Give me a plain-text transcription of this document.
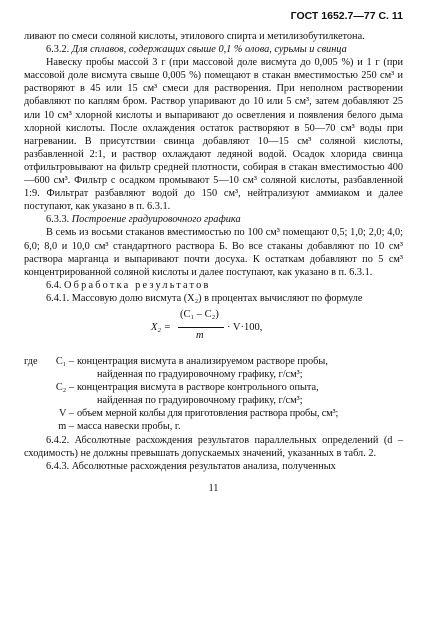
ГОСТ 1652.7—77 С. 11

ливают по смеси соляной кислоты, этилового спирта и метилизобутилкетона.

6.3.2. Для сплавов, содержащих свыше 0,1 % олова, сурьмы и свинца

Навеску пробы массой 3 г (при массовой доле висмута до 0,005 %) и 1 г (при массовой доле висмута свыше 0,005 %) помещают в стакан вместимостью 250 см³ и растворяют в 45 или 15 см³ смеси для растворения. При неполном растворении добавляют по каплям бром. Раствор упаривают до 10 или 5 см³, затем добавляют 25 или 10 см³ хлорной кислоты и выпаривают до осветления и появления белого дыма хлорной кислоты. После охлаждения остаток растворяют в 50—70 см³ воды при нагревании. В присутствии свинца добавляют 10—15 см³ соляной кислоты, разбавленной 2:1, и раствор охлаждают ледяной водой. Осадок хлорида свинца отфильтровывают на фильтр средней плотности, собирая в стакан вместимостью 400—600 см³. Фильтр с осадком промывают 5—10 см³ соляной кислоты, разбавленной 1:9. Фильтрат разбавляют водой до 150 см³, нейтрализуют аммиаком и далее поступают, как указано в п. 6.3.1.

6.3.3. Построение градуировочного графика

В семь из восьми стаканов вместимостью по 100 см³ помещают 0,5; 1,0; 2,0; 4,0; 6,0; 8,0 и 10,0 см³ стандартного раствора Б. Во все стаканы добавляют по 10 см³ раствора марганца и выпаривают почти досуха. К остаткам добавляют по 5 см³ концентрированной соляной кислоты и далее поступают, как указано в п. 6.3.1.

6.4. Обработка результатов

6.4.1. Массовую долю висмута (X₂) в процентах вычисляют по формуле

X₂ =
(C₁ – C₂)
m
· V·100,
где	C₁ – концентрация висмута в анализируемом растворе пробы,
найденная по градуировочному графику, г/см³;
C₂ – концентрация висмута в растворе контрольного опыта,
найденная по градуировочному графику, г/см³;
V – объем мерной колбы для приготовления раствора пробы, см³;
m – масса навески пробы, г.

6.4.2. Абсолютные расхождения результатов параллельных определений (d – сходимость) не должны превышать допускаемых значений, указанных в табл. 2.

6.4.3. Абсолютные расхождения результатов анализа, полученных

11
